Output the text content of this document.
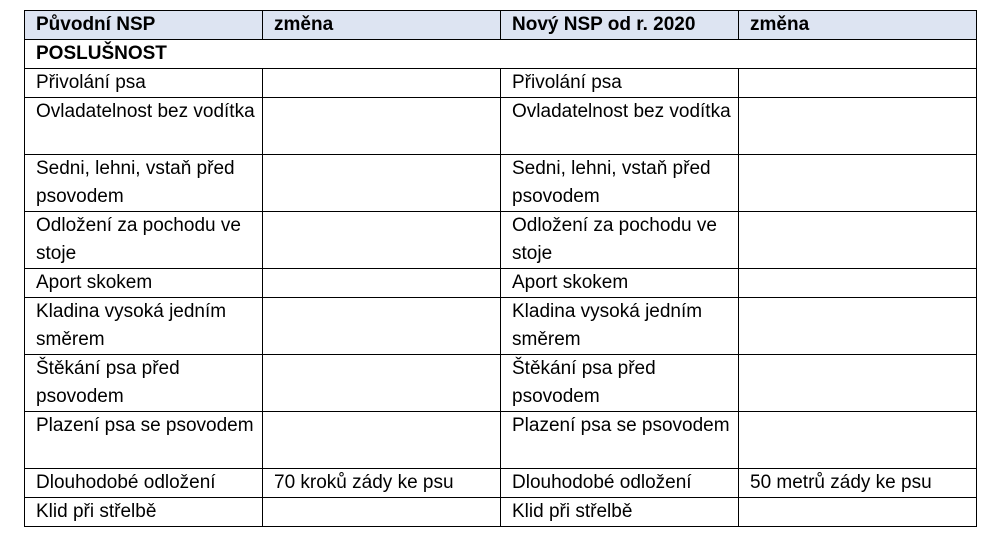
Původní NSP	změna	Nový NSP od r. 2020	změna
POSLUŠNOST			
Přivolání psa		Přivolání psa	
Ovladatelnost bez vodítka		Ovladatelnost bez vodítka	
Sedni, lehni, vstaň před psovodem		Sedni, lehni, vstaň před psovodem	
Odložení za pochodu ve stoje		Odložení za pochodu ve stoje	
Aport skokem		Aport skokem	
Kladina vysoká jedním směrem		Kladina vysoká jedním směrem	
Štěkání psa před psovodem		Štěkání psa před psovodem	
Plazení psa se psovodem		Plazení psa se psovodem	
Dlouhodobé odložení	70 kroků zády ke psu	Dlouhodobé odložení	50 metrů zády ke psu
Klid při střelbě		Klid při střelbě	
